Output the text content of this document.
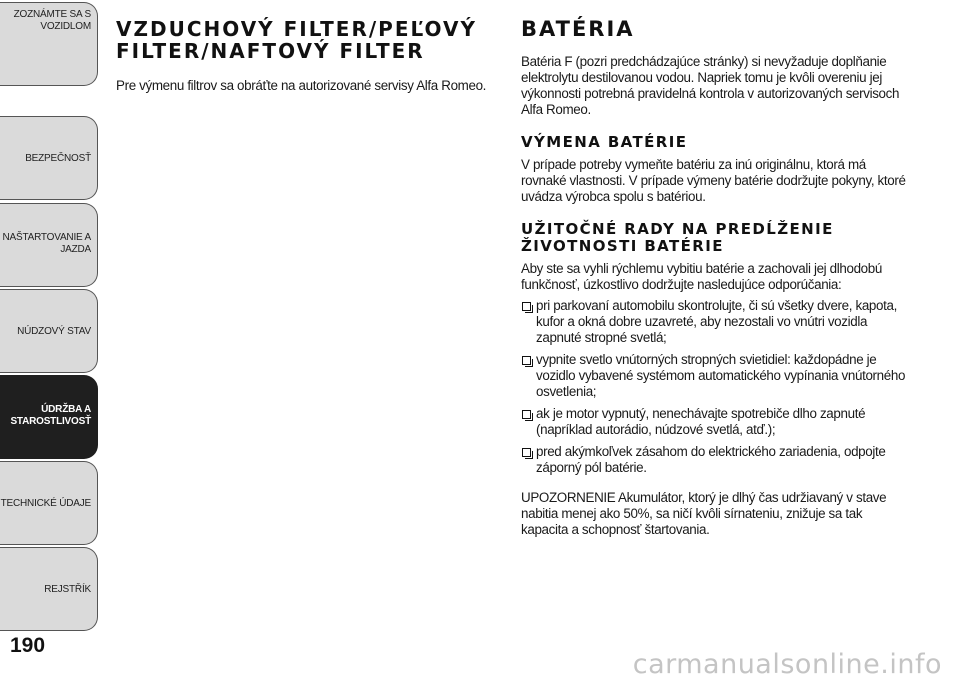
ZOZNÁMTE SA S
VOZIDLOM
BEZPEČNOSŤ
NAŠTARTOVANIE A
JAZDA
NÚDZOVÝ STAV
ÚDRŽBA A
STAROSTLIVOSŤ
TECHNICKÉ ÚDAJE
REJSTŘÍK
190
VZDUCHOVÝ FILTER/PEĽOVÝ FILTER/NAFTOVÝ FILTER

Pre výmenu filtrov sa obráťte na autorizované servisy Alfa Romeo.

BATÉRIA

Batéria F (pozri predchádzajúce stránky) si nevyžaduje doplňanie elektrolytu destilovanou vodou. Napriek tomu je kvôli overeniu jej výkonnosti potrebná pravidelná kontrola v autorizovaných servisoch Alfa Romeo.

VÝMENA BATÉRIE

V prípade potreby vymeňte batériu za inú originálnu, ktorá má rovnaké vlastnosti. V prípade výmeny batérie dodržujte pokyny, ktoré uvádza výrobca spolu s batériou.

UŽITOČNÉ RADY NA PREDĹŽENIE ŽIVOTNOSTI BATÉRIE

Aby ste sa vyhli rýchlemu vybitiu batérie a zachovali jej dlhodobú funkčnosť, úzkostlivo dodržujte nasledujúce odporúčania:

pri parkovaní automobilu skontrolujte, či sú všetky dvere, kapota, kufor a okná dobre uzavreté, aby nezostali vo vnútri vozidla zapnuté stropné svetlá;
vypnite svetlo vnútorných stropných svietidiel: každopádne je vozidlo vybavené systémom automatického vypínania vnútorného osvetlenia;
ak je motor vypnutý, nenechávajte spotrebiče dlho zapnuté (napríklad autorádio, núdzové svetlá, atď.);
pred akýmkoľvek zásahom do elektrického zariadenia, odpojte záporný pól batérie.

UPOZORNENIE Akumulátor, ktorý je dlhý čas udržiavaný v stave nabitia menej ako 50%, sa ničí kvôli sírnateniu, znižuje sa tak kapacita a schopnosť štartovania.

carmanualsonline.info
